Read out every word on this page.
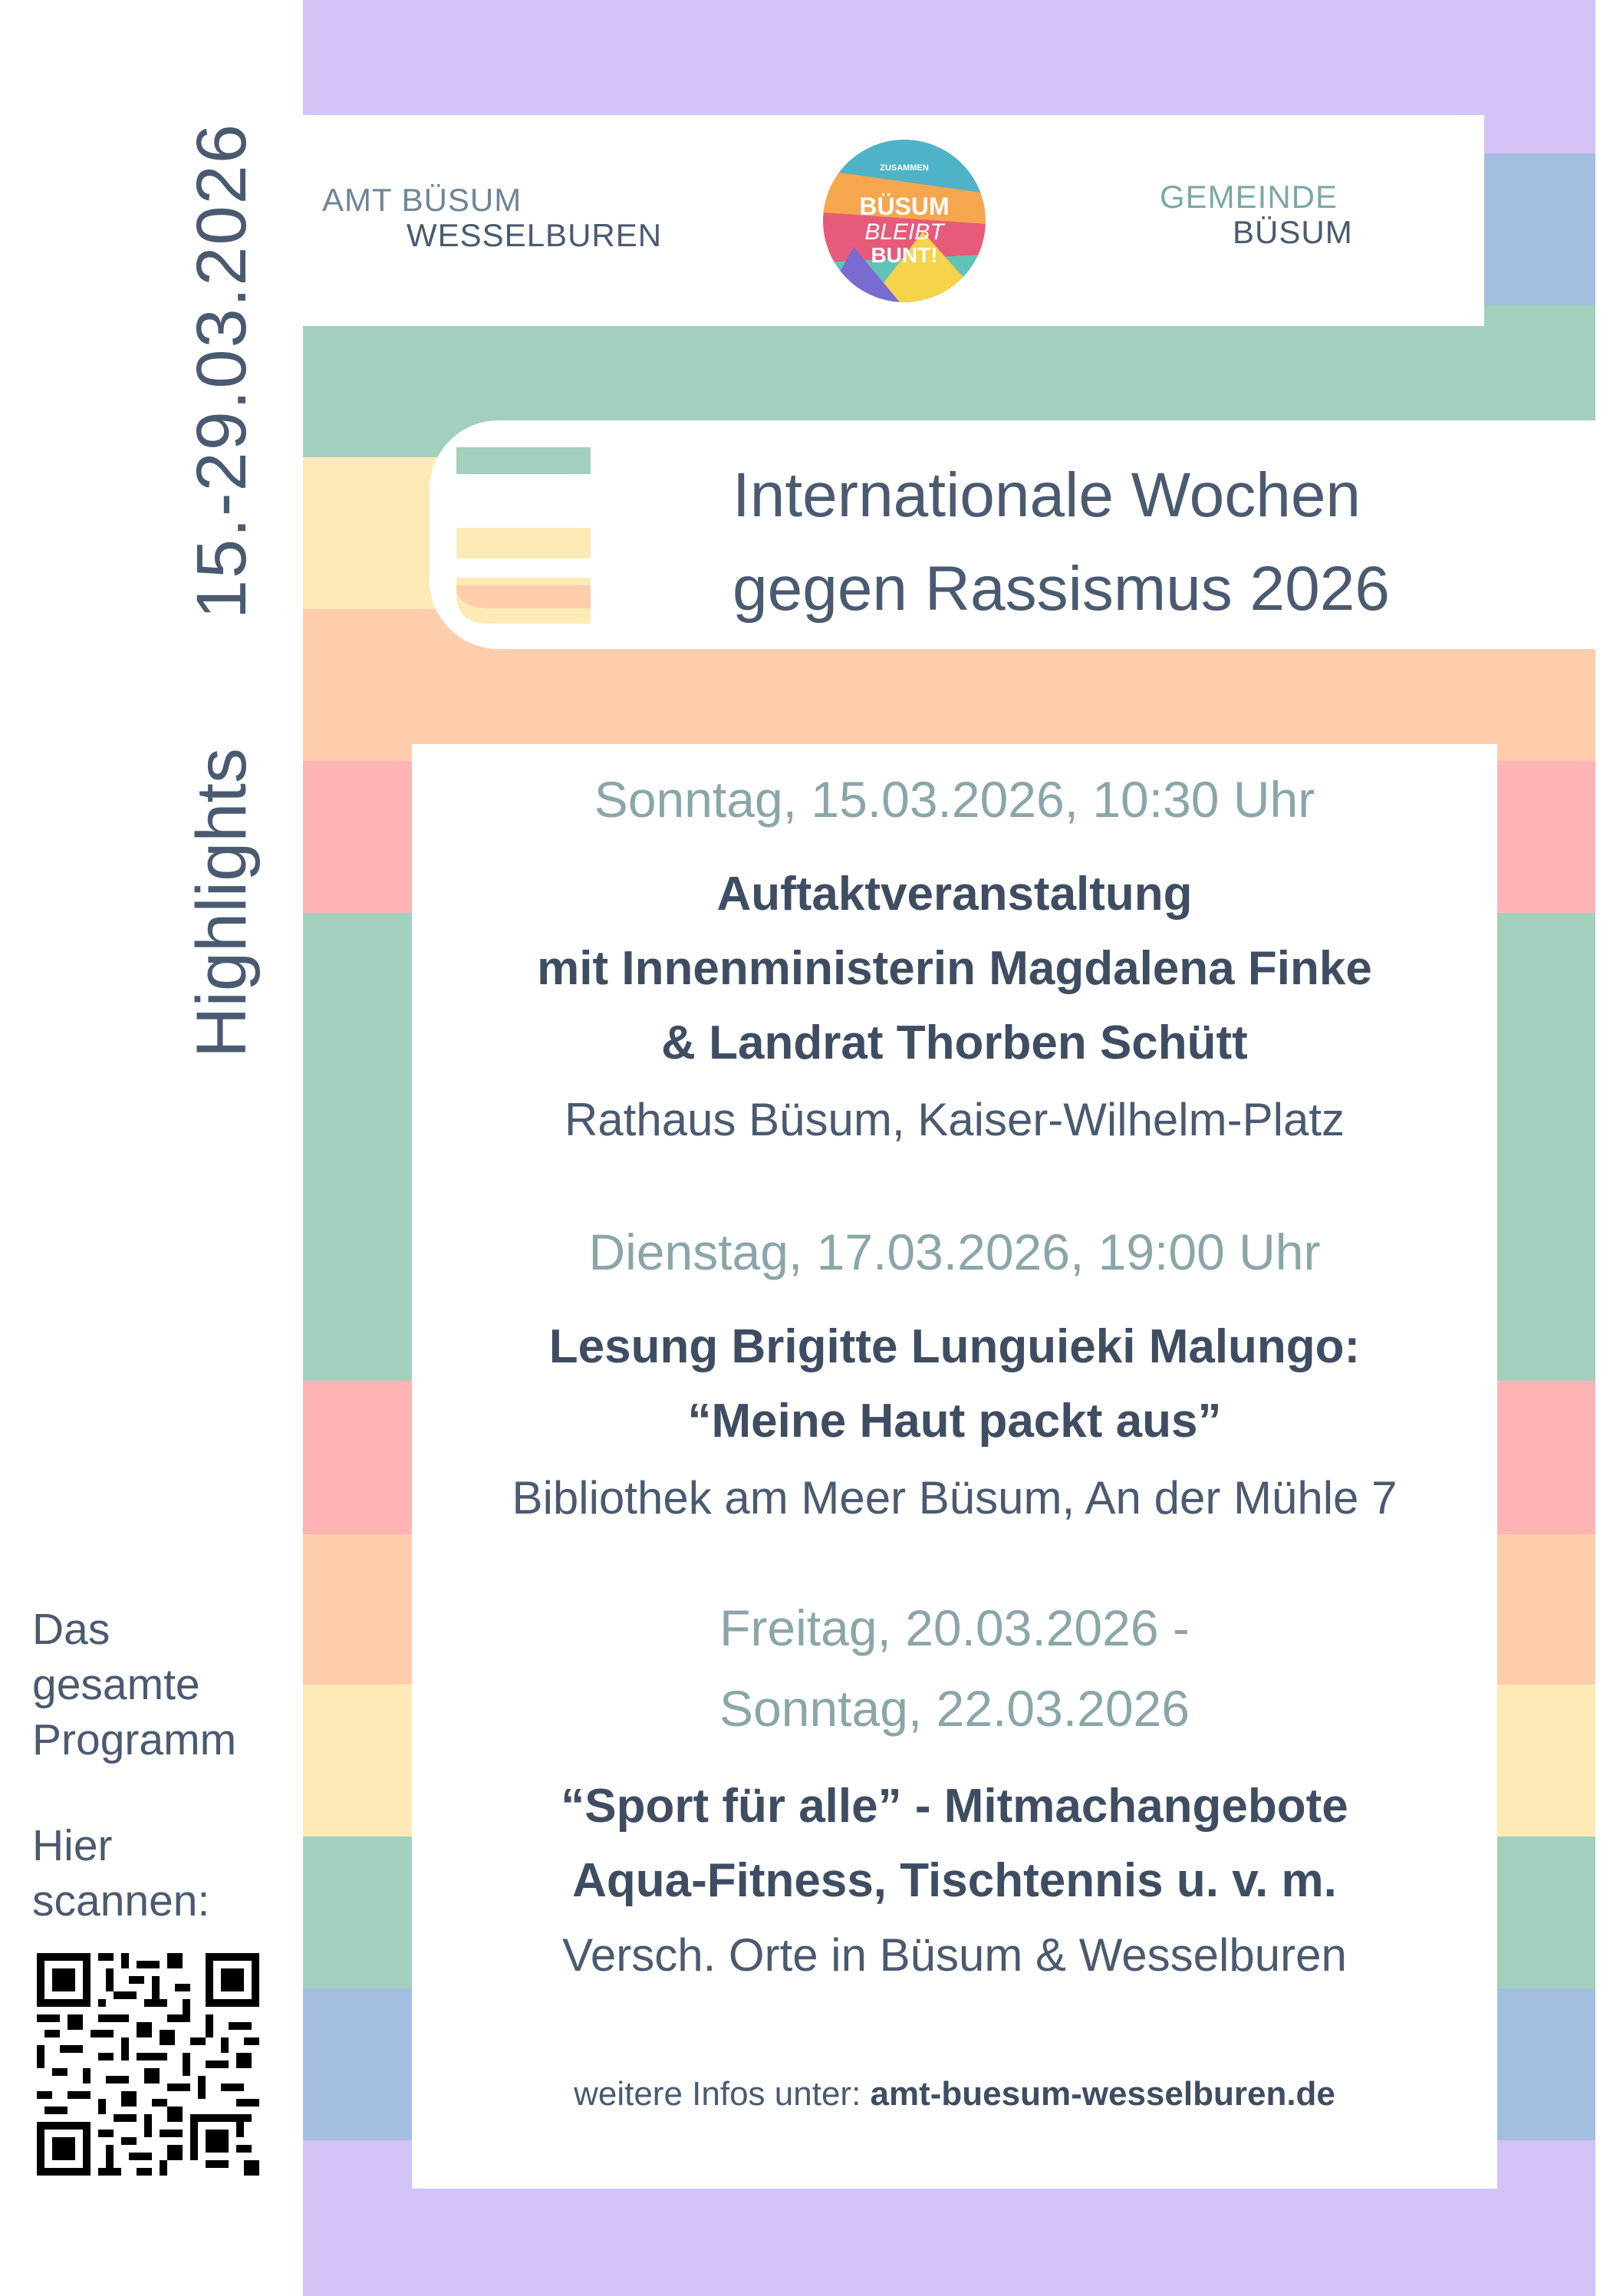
AMT BÜSUM
WESSELBUREN
ZUSAMMEN
BÜSUM
BLEIBT
BUNT!
GEMEINDE
BÜSUM
Internationale Wochen
gegen Rassismus 2026
15.-29.03.2026
Highlights
Das
gesamte
Programm
Hier
scannen:
Sonntag, 15.03.2026, 10:30 Uhr
Auftaktveranstaltung
mit Innenministerin Magdalena Finke
& Landrat Thorben Schütt
Rathaus Büsum, Kaiser-Wilhelm-Platz
Dienstag, 17.03.2026, 19:00 Uhr
Lesung Brigitte Lunguieki Malungo:
“Meine Haut packt aus”
Bibliothek am Meer Büsum, An der Mühle 7
Freitag, 20.03.2026 -
Sonntag, 22.03.2026
“Sport für alle” - Mitmachangebote
Aqua-Fitness, Tischtennis u. v. m.
Versch. Orte in Büsum & Wesselburen
weitere Infos unter: amt-buesum-wesselburen.de
